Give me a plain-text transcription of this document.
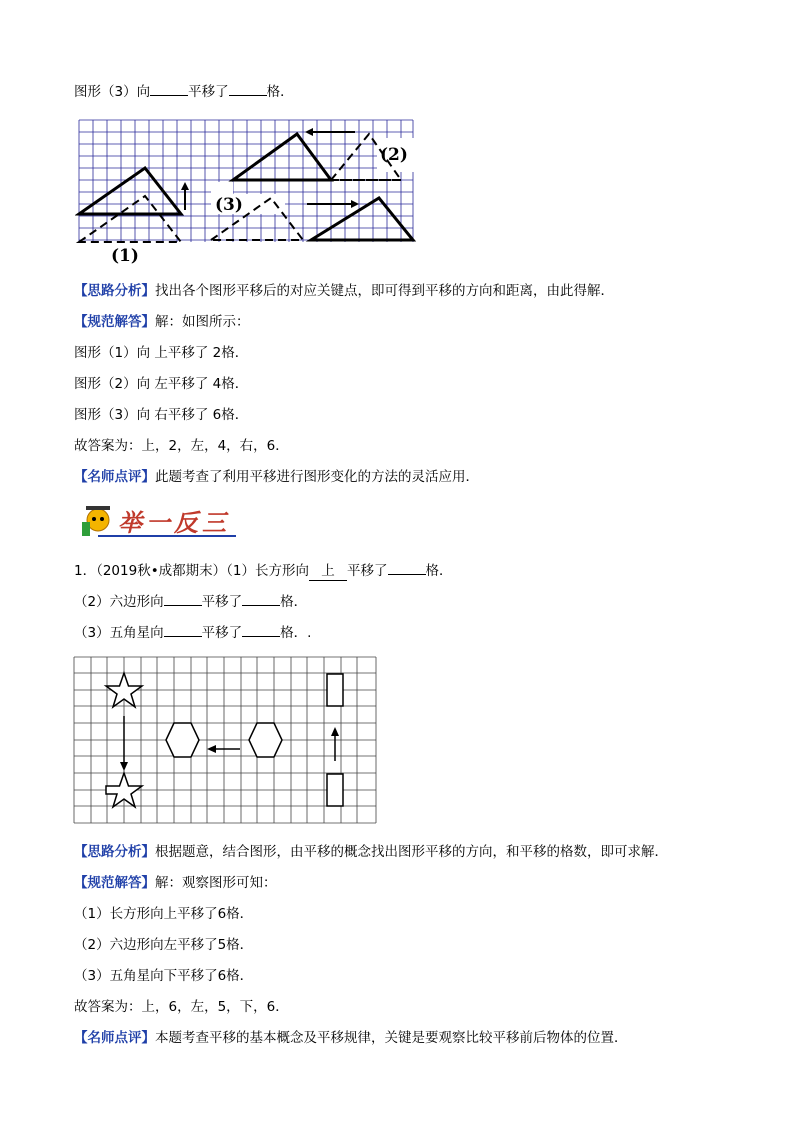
图形（3）向	平移了	格．
(1)
(2)
(3)
【思路分析】找出各个图形平移后的对应关键点，即可得到平移的方向和距离，由此得解．
【规范解答】解：如图所示：
图形（1）向 上平移了 2格．
图形（2）向 左平移了 4格．
图形（3）向 右平移了 6格．
故答案为：上，2，左，4，右，6．
【名师点评】此题考查了利用平移进行图形变化的方法的灵活应用．
举一反三
1．（2019秋•成都期末）（1）长方形向 上 平移了	格．
（2）六边形向	平移了	格．
（3）五角星向	平移了	格．.
【思路分析】根据题意，结合图形，由平移的概念找出图形平移的方向，和平移的格数，即可求解．
【规范解答】解：观察图形可知：
（1）长方形向上平移了6格．
（2）六边形向左平移了5格．
（3）五角星向下平移了6格．
故答案为：上，6，左，5，下，6．
【名师点评】本题考查平移的基本概念及平移规律，关键是要观察比较平移前后物体的位置．
